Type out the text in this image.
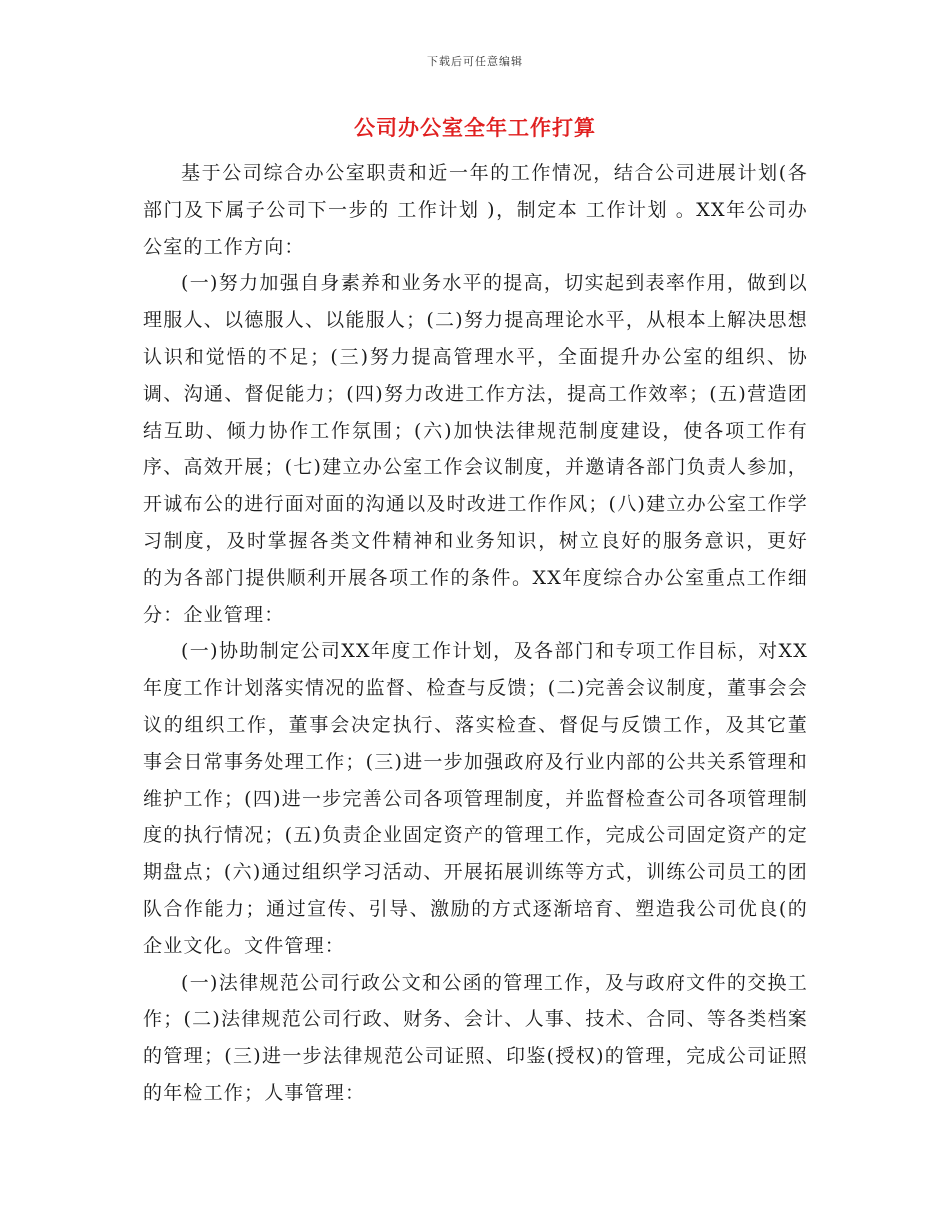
下载后可任意编辑
公司办公室全年工作打算

基于公司综合办公室职责和近一年的工作情况，结合公司进展计划(各部门及下属子公司下一步的 工作计划 )，制定本 工作计划 。XX年公司办公室的工作方向：

(一)努力加强自身素养和业务水平的提高，切实起到表率作用，做到以理服人、以德服人、以能服人；(二)努力提高理论水平，从根本上解决思想认识和觉悟的不足；(三)努力提高管理水平，全面提升办公室的组织、协调、沟通、督促能力；(四)努力改进工作方法，提高工作效率；(五)营造团结互助、倾力协作工作氛围；(六)加快法律规范制度建设，使各项工作有序、高效开展；(七)建立办公室工作会议制度，并邀请各部门负责人参加，开诚布公的进行面对面的沟通以及时改进工作作风；(八)建立办公室工作学习制度，及时掌握各类文件精神和业务知识，树立良好的服务意识，更好的为各部门提供顺利开展各项工作的条件。XX年度综合办公室重点工作细分：企业管理：

(一)协助制定公司XX年度工作计划，及各部门和专项工作目标，对XX年度工作计划落实情况的监督、检查与反馈；(二)完善会议制度，董事会会议的组织工作，董事会决定执行、落实检查、督促与反馈工作，及其它董事会日常事务处理工作；(三)进一步加强政府及行业内部的公共关系管理和维护工作；(四)进一步完善公司各项管理制度，并监督检查公司各项管理制度的执行情况；(五)负责企业固定资产的管理工作，完成公司固定资产的定期盘点；(六)通过组织学习活动、开展拓展训练等方式，训练公司员工的团队合作能力；通过宣传、引导、激励的方式逐渐培育、塑造我公司优良(的企业文化。文件管理：

(一)法律规范公司行政公文和公函的管理工作，及与政府文件的交换工作；(二)法律规范公司行政、财务、会计、人事、技术、合同、等各类档案的管理；(三)进一步法律规范公司证照、印鉴(授权)的管理，完成公司证照的年检工作；人事管理：
